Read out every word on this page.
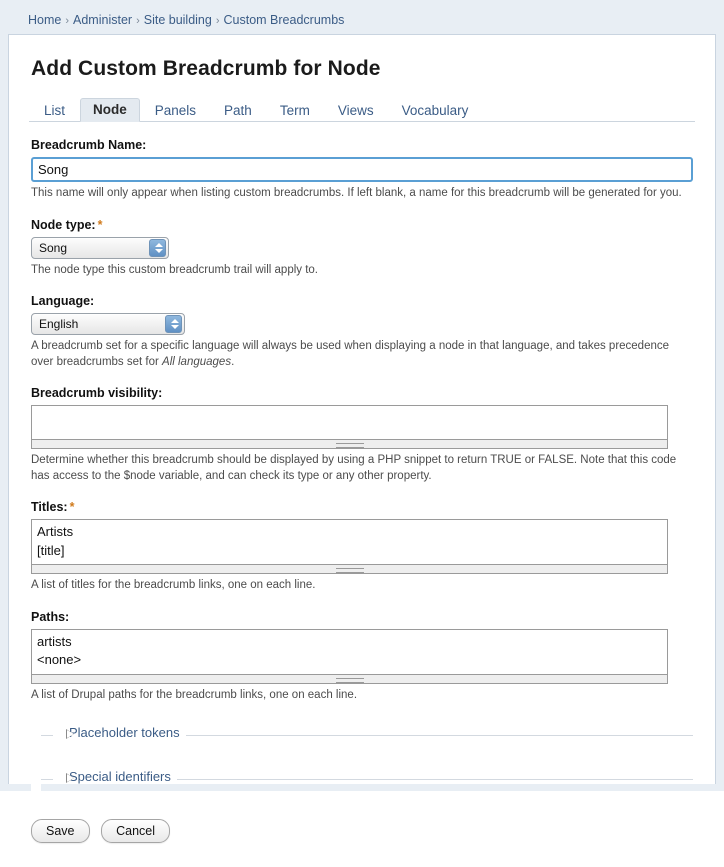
Home › Administer › Site building › Custom Breadcrumbs
Add Custom Breadcrumb for Node
List	Node	Panels	Path	Term	Views	Vocabulary
Breadcrumb Name:
Song
This name will only appear when listing custom breadcrumbs. If left blank, a name for this breadcrumb will be generated for you.
Node type: *
Song
The node type this custom breadcrumb trail will apply to.
Language:
English
A breadcrumb set for a specific language will always be used when displaying a node in that language, and takes precedence over breadcrumbs set for All languages.
Breadcrumb visibility:
Determine whether this breadcrumb should be displayed by using a PHP snippet to return TRUE or FALSE. Note that this code has access to the $node variable, and can check its type or any other property.
Titles: *
Artists [title]
A list of titles for the breadcrumb links, one on each line.
Paths:
artists <none>
A list of Drupal paths for the breadcrumb links, one on each line.
Placeholder tokens
Special identifiers
Save	Cancel
